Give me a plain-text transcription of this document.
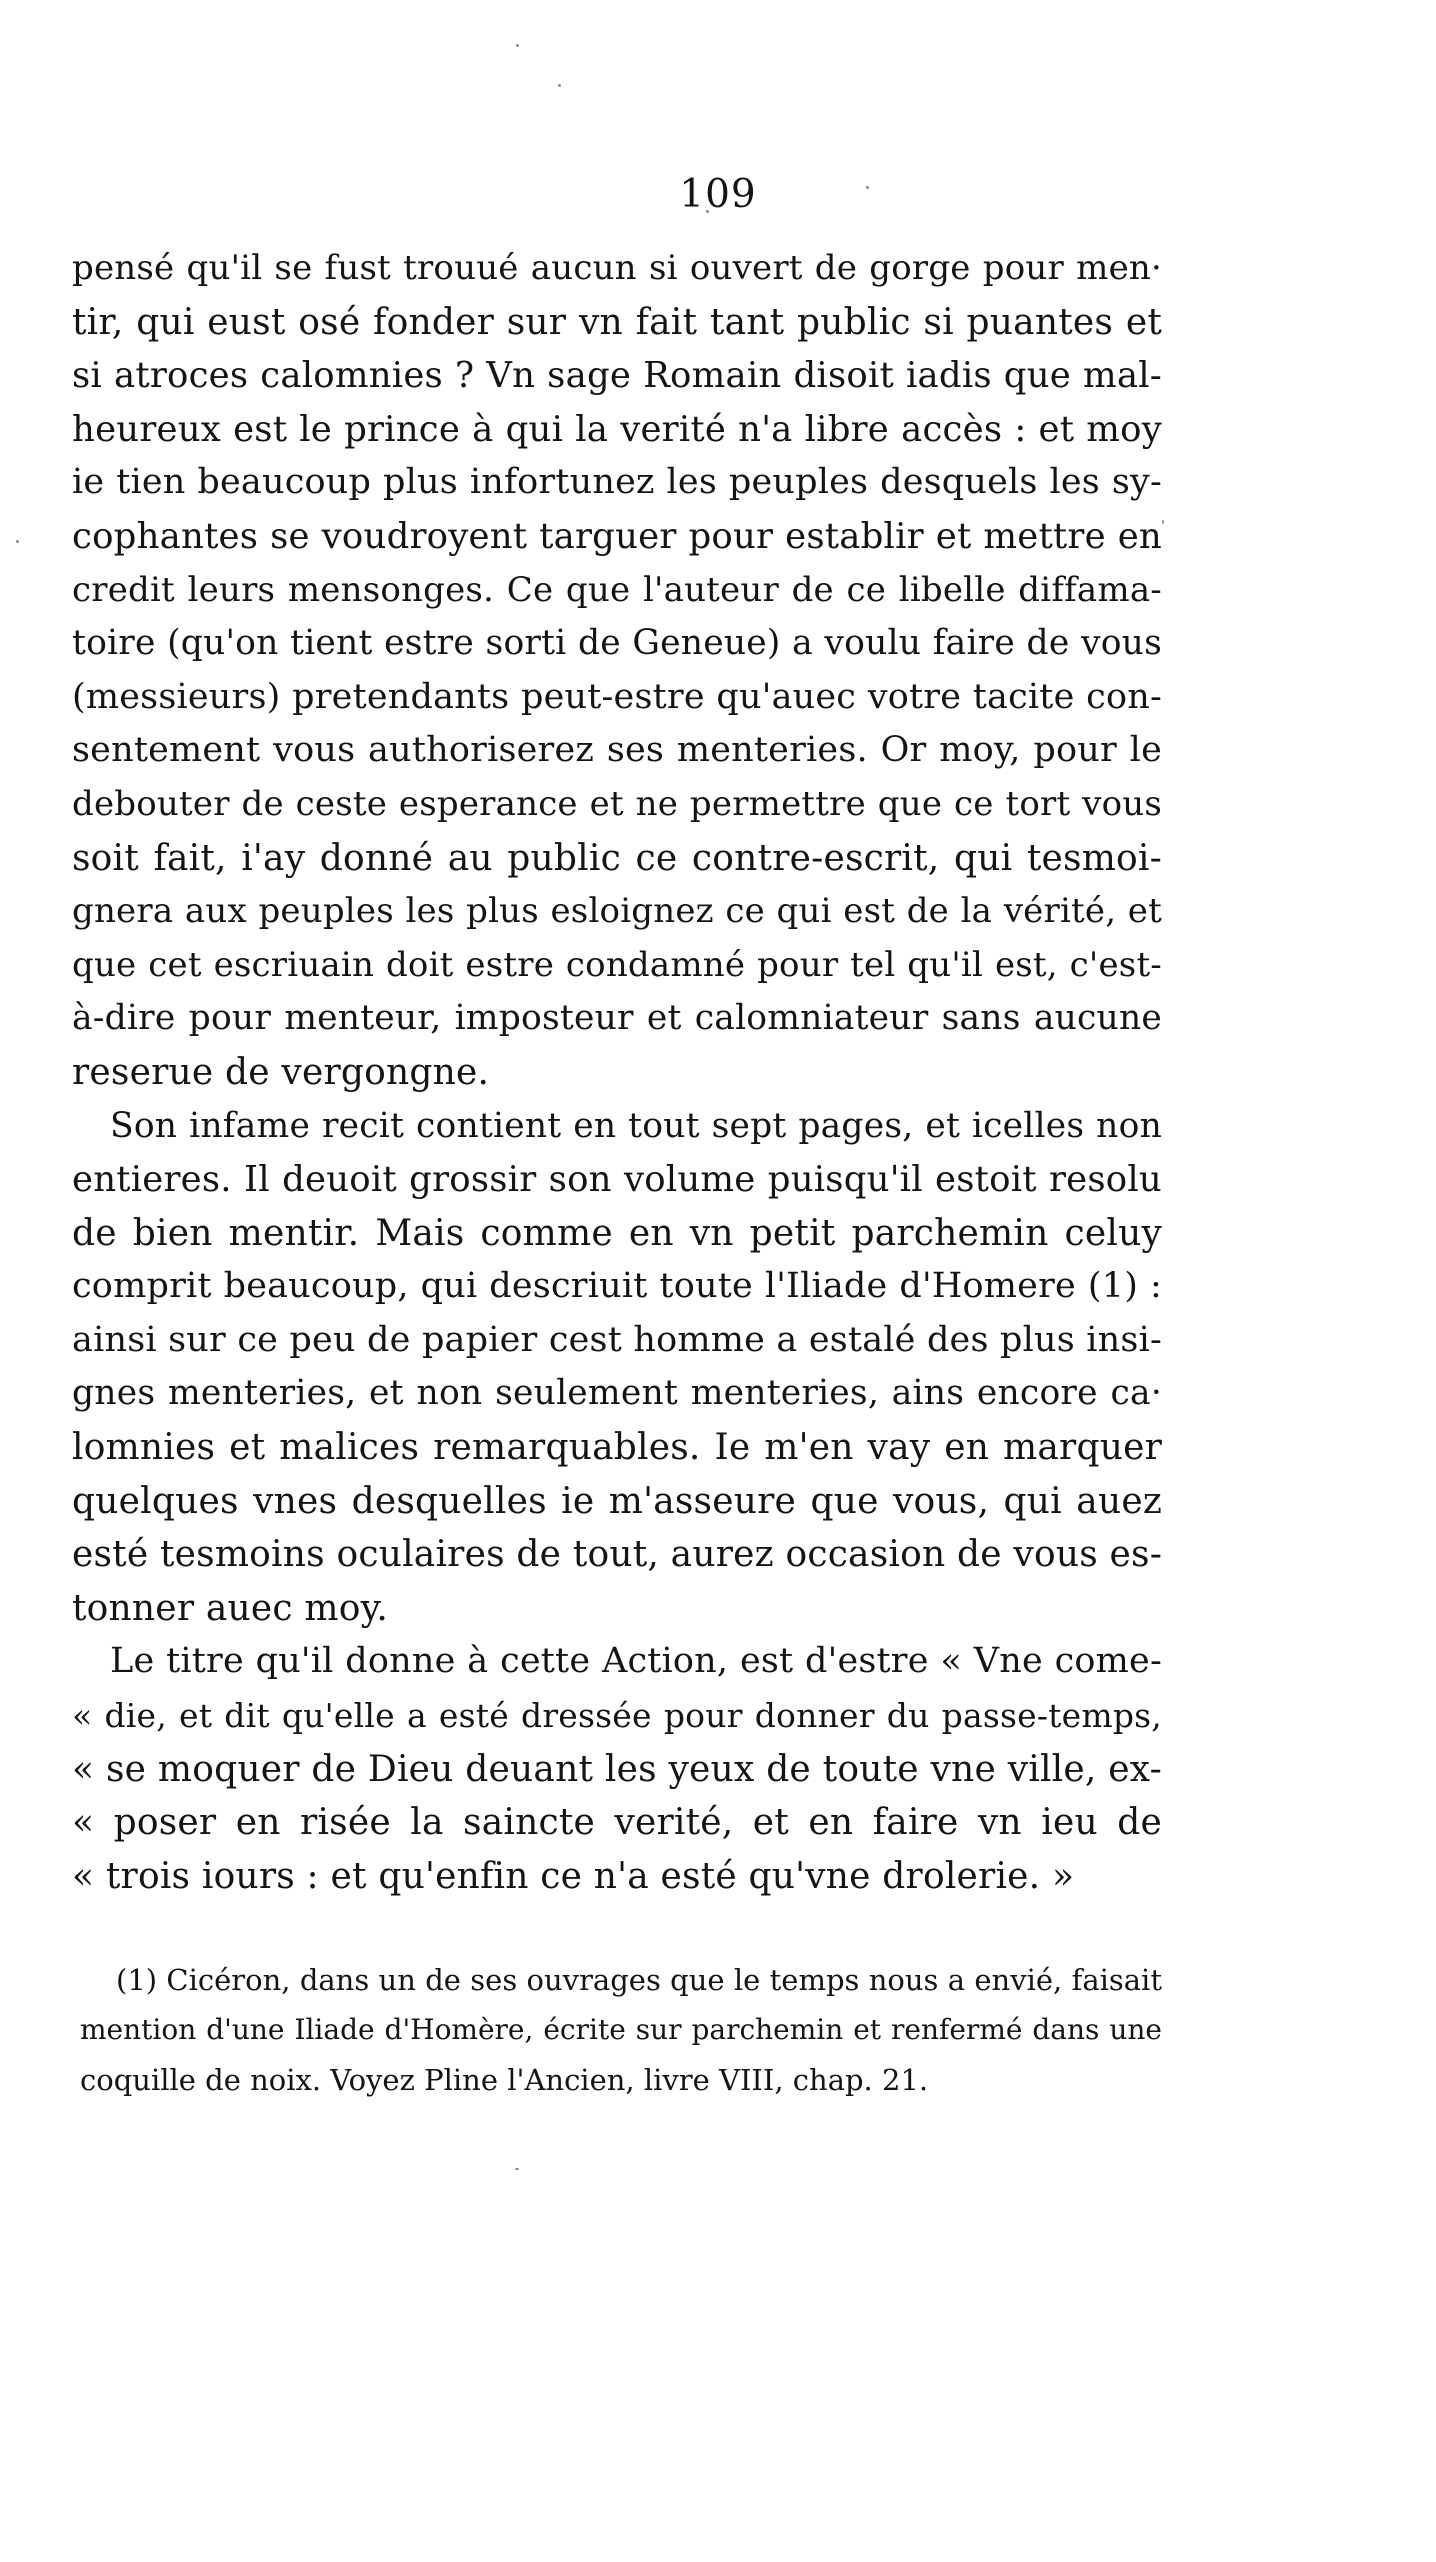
109
pensé qu'il se fust trouué aucun si ouvert de gorge pour men·
tir, qui eust osé fonder sur vn fait tant public si puantes et
si atroces calomnies ? Vn sage Romain disoit iadis que mal-
heureux est le prince à qui la verité n'a libre accès : et moy
ie tien beaucoup plus infortunez les peuples desquels les sy-
cophantes se voudroyent targuer pour establir et mettre en
credit leurs mensonges. Ce que l'auteur de ce libelle diffama-
toire (qu'on tient estre sorti de Geneue) a voulu faire de vous
(messieurs) pretendants peut-estre qu'auec votre tacite con-
sentement vous authoriserez ses menteries. Or moy, pour le
debouter de ceste esperance et ne permettre que ce tort vous
soit fait, i'ay donné au public ce contre-escrit, qui tesmoi-
gnera aux peuples les plus esloignez ce qui est de la vérité, et
que cet escriuain doit estre condamné pour tel qu'il est, c'est-
à-dire pour menteur, imposteur et calomniateur sans aucune
reserue de vergongne.
Son infame recit contient en tout sept pages, et icelles non
entieres. Il deuoit grossir son volume puisqu'il estoit resolu
de bien mentir. Mais comme en vn petit parchemin celuy
comprit beaucoup, qui descriuit toute l'Iliade d'Homere (1) :
ainsi sur ce peu de papier cest homme a estalé des plus insi-
gnes menteries, et non seulement menteries, ains encore ca·
lomnies et malices remarquables. Ie m'en vay en marquer
quelques vnes desquelles ie m'asseure que vous, qui auez
esté tesmoins oculaires de tout, aurez occasion de vous es-
tonner auec moy.
Le titre qu'il donne à cette Action, est d'estre « Vne come-
« die, et dit qu'elle a esté dressée pour donner du passe-temps,
« se moquer de Dieu deuant les yeux de toute vne ville, ex-
« poser en risée la saincte verité, et en faire vn ieu de
« trois iours : et qu'enfin ce n'a esté qu'vne drolerie. »
(1) Cicéron, dans un de ses ouvrages que le temps nous a envié, faisait
mention d'une Iliade d'Homère, écrite sur parchemin et renfermé dans une
coquille de noix. Voyez Pline l'Ancien, livre VIII, chap. 21.
